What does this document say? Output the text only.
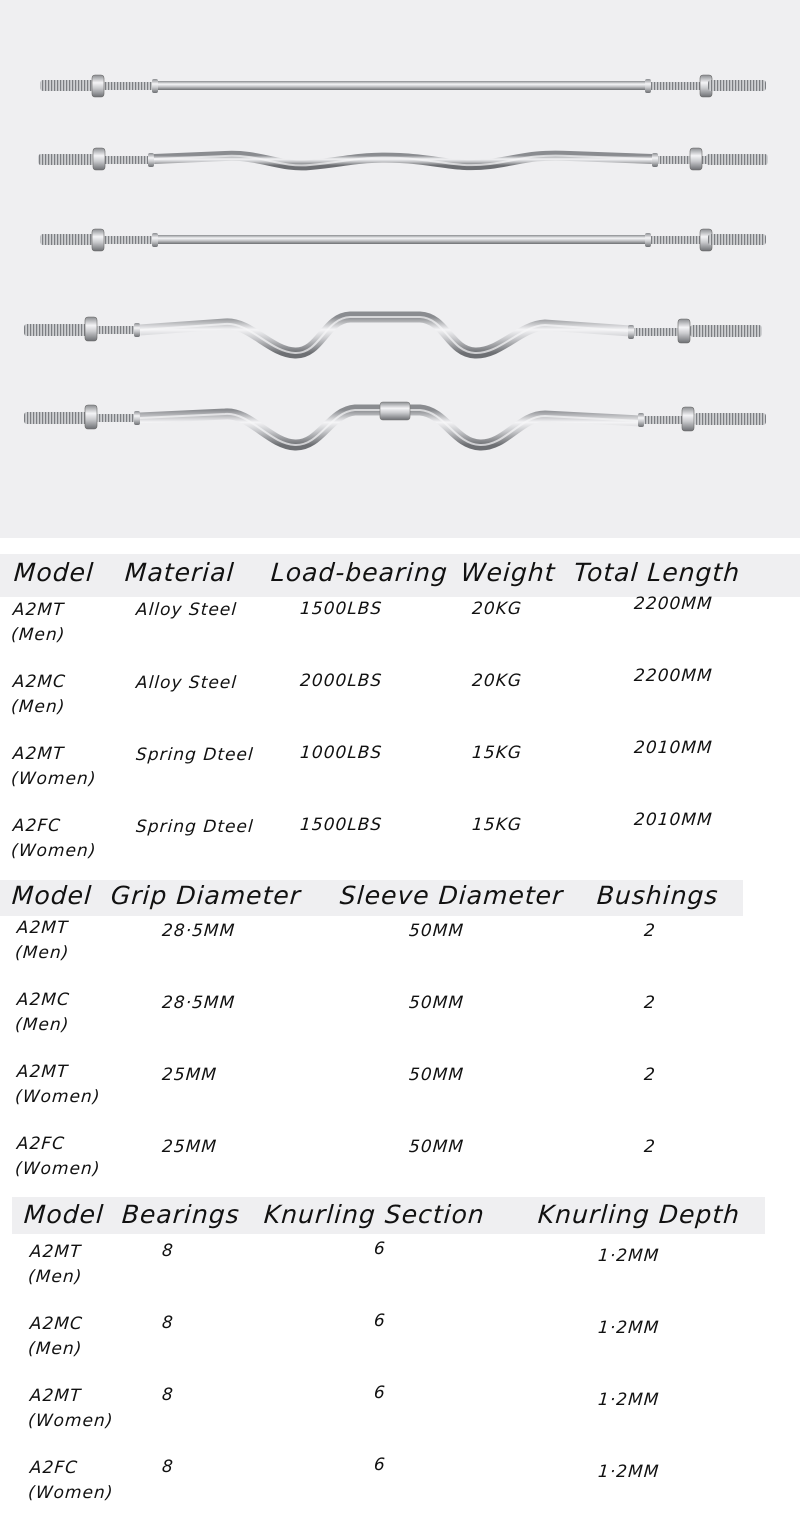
Model Material Load-bearing Weight Total Length
A2MT
(Men)
Alloy Steel	1500LBS	20KG	2200MM
A2MC
(Men)
Alloy Steel	2000LBS	20KG	2200MM
A2MT
(Women)
Spring Dteel	1000LBS	15KG	2010MM
A2FC
(Women)
Spring Dteel	1500LBS	15KG	2010MM
Model Grip Diameter Sleeve Diameter Bushings
A2MT
(Men)
28·5MM	50MM	2
A2MC
(Men)
28·5MM	50MM	2
A2MT
(Women)
25MM	50MM	2
A2FC
(Women)
25MM	50MM	2
Model Bearings Knurling Section Knurling Depth
A2MT
(Men)
8	6	1·2MM
A2MC
(Men)
8	6	1·2MM
A2MT
(Women)
8	6	1·2MM
A2FC
(Women)
8	6	1·2MM
